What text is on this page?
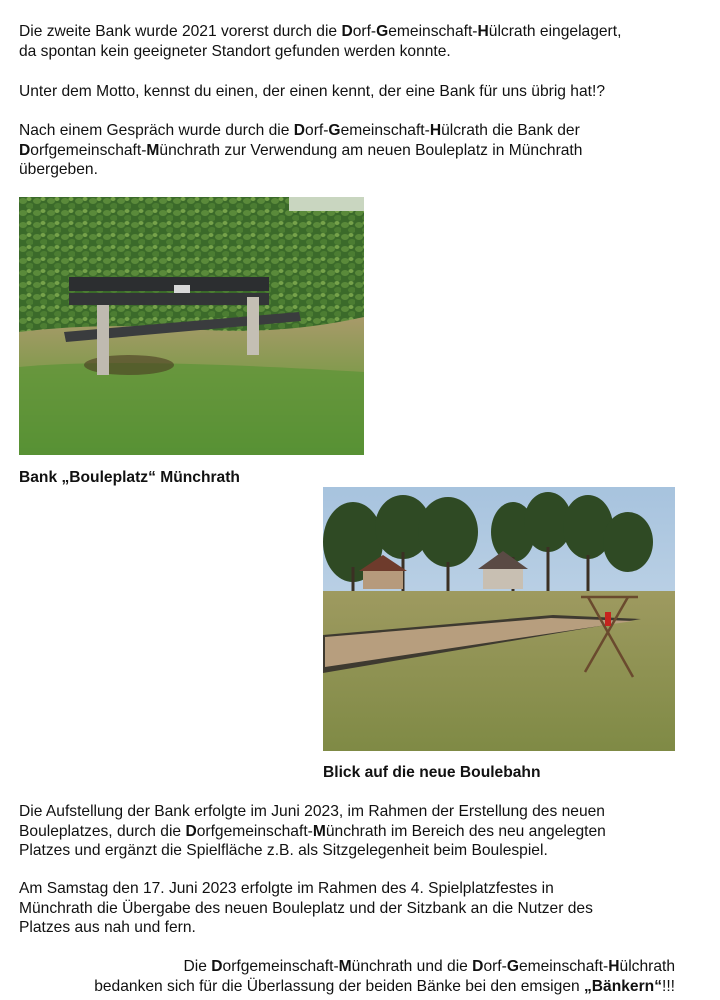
Die zweite Bank wurde 2021 vorerst durch die Dorf-Gemeinschaft-Hülcrath eingelagert,
da spontan kein geeigneter Standort gefunden werden konnte.

Unter dem Motto, kennst du einen, der einen kennt, der eine Bank für uns übrig hat!?

Nach einem Gespräch wurde durch die Dorf-Gemeinschaft-Hülcrath die Bank der
Dorfgemeinschaft-Münchrath zur Verwendung am neuen Bouleplatz in Münchrath
übergeben.

Bank „Bouleplatz“ Münchrath

Blick auf die neue Boulebahn

Die Aufstellung der Bank erfolgte im Juni 2023, im Rahmen der Erstellung des neuen
Bouleplatzes, durch die Dorfgemeinschaft-Münchrath im Bereich des neu angelegten
Platzes und ergänzt die Spielfläche z.B. als Sitzgelegenheit beim Boulespiel.

Am Samstag den 17. Juni 2023 erfolgte im Rahmen des 4. Spielplatzfestes in
Münchrath die Übergabe des neuen Bouleplatz und der Sitzbank an die Nutzer des
Platzes aus nah und fern.

Die Dorfgemeinschaft-Münchrath und die Dorf-Gemeinschaft-Hülchrath
bedanken sich für die Überlassung der beiden Bänke bei den emsigen „Bänkern“!!!
